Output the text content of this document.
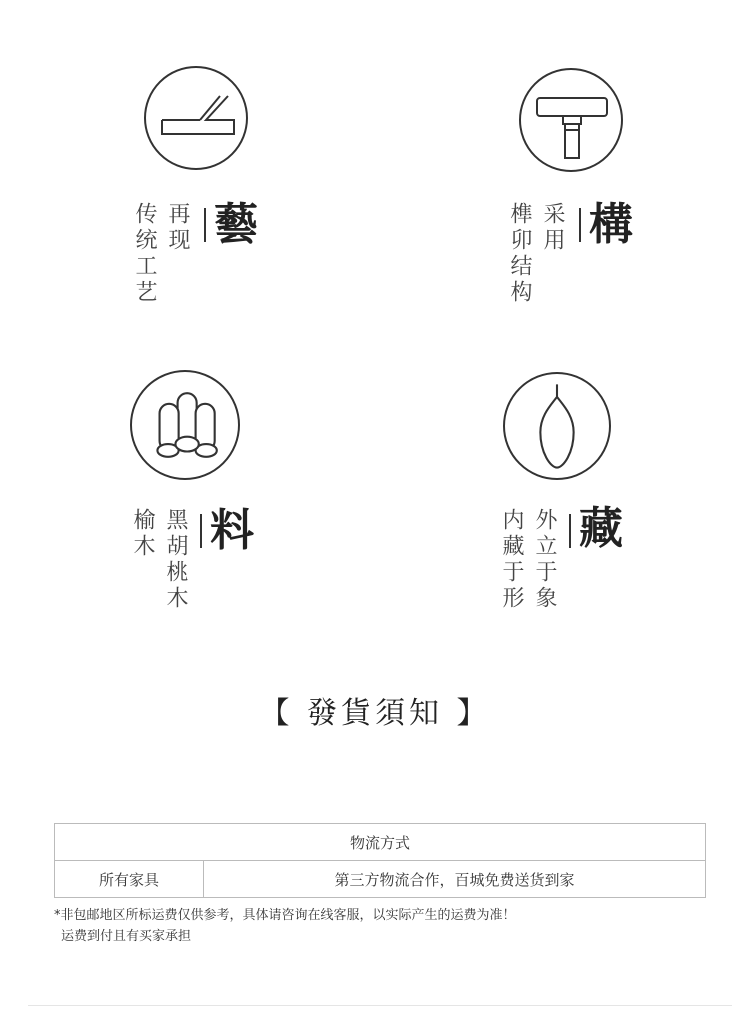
再现
传统工艺 藝	采用
榫卯结构 構
黑胡桃木
榆木 料	外立于象
内藏于形 藏
【 發貨須知 】
物流方式
所有家具	第三方物流合作，百城免费送货到家
*非包邮地区所标运费仅供参考，具体请咨询在线客服，以实际产生的运费为准！
运费到付且有买家承担
